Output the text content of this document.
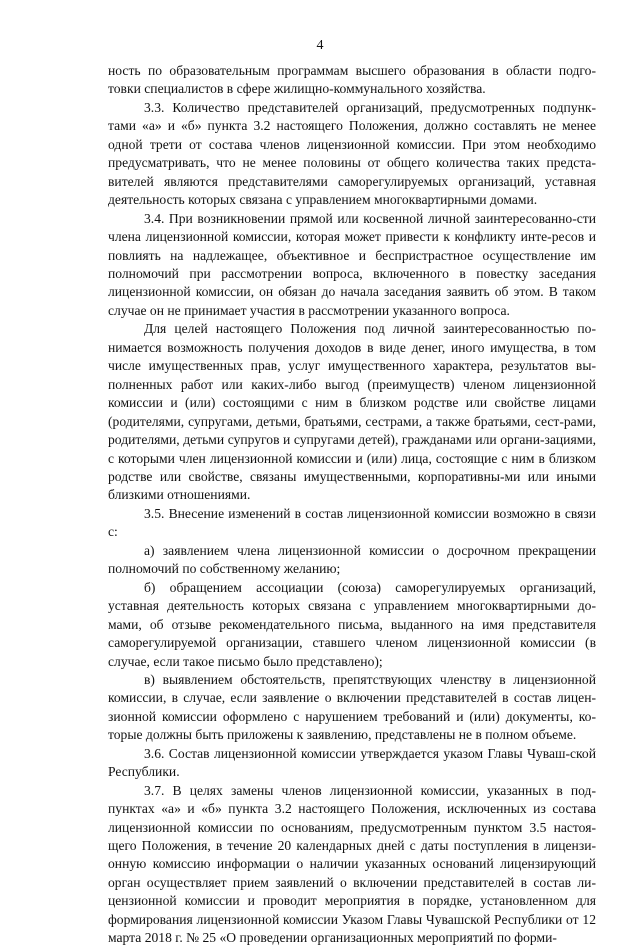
4

ность по образовательным программам высшего образования в области подго-товки специалистов в сфере жилищно-коммунального хозяйства.

3.3. Количество представителей организаций, предусмотренных подпунк-тами «а» и «б» пункта 3.2 настоящего Положения, должно составлять не менее одной трети от состава членов лицензионной комиссии. При этом необходимо предусматривать, что не менее половины от общего количества таких предста-вителей являются представителями саморегулируемых организаций, уставная деятельность которых связана с управлением многоквартирными домами.

3.4. При возникновении прямой или косвенной личной заинтересованно-сти члена лицензионной комиссии, которая может привести к конфликту инте-ресов и повлиять на надлежащее, объективное и беспристрастное осуществление им полномочий при рассмотрении вопроса, включенного в повестку заседания лицензионной комиссии, он обязан до начала заседания заявить об этом. В таком случае он не принимает участия в рассмотрении указанного вопроса.

Для целей настоящего Положения под личной заинтересованностью по-нимается возможность получения доходов в виде денег, иного имущества, в том числе имущественных прав, услуг имущественного характера, результатов вы-полненных работ или каких-либо выгод (преимуществ) членом лицензионной комиссии и (или) состоящими с ним в близком родстве или свойстве лицами (родителями, супругами, детьми, братьями, сестрами, а также братьями, сест-рами, родителями, детьми супругов и супругами детей), гражданами или органи-зациями, с которыми член лицензионной комиссии и (или) лица, состоящие с ним в близком родстве или свойстве, связаны имущественными, корпоративны-ми или иными близкими отношениями.

3.5. Внесение изменений в состав лицензионной комиссии возможно в связи с:

а) заявлением члена лицензионной комиссии о досрочном прекращении полномочий по собственному желанию;

б) обращением ассоциации (союза) саморегулируемых организаций, уставная деятельность которых связана с управлением многоквартирными до-мами, об отзыве рекомендательного письма, выданного на имя представителя саморегулируемой организации, ставшего членом лицензионной комиссии (в случае, если такое письмо было представлено);

в) выявлением обстоятельств, препятствующих членству в лицензионной комиссии, в случае, если заявление о включении представителей в состав лицен-зионной комиссии оформлено с нарушением требований и (или) документы, ко-торые должны быть приложены к заявлению, представлены не в полном объеме.

3.6. Состав лицензионной комиссии утверждается указом Главы Чуваш-ской Республики.

3.7. В целях замены членов лицензионной комиссии, указанных в под-пунктах «а» и «б» пункта 3.2 настоящего Положения, исключенных из состава лицензионной комиссии по основаниям, предусмотренным пунктом 3.5 настоя-щего Положения, в течение 20 календарных дней с даты поступления в лицензи-онную комиссию информации о наличии указанных оснований лицензирующий орган осуществляет прием заявлений о включении представителей в состав ли-цензионной комиссии и проводит мероприятия в порядке, установленном для формирования лицензионной комиссии Указом Главы Чувашской Республики от 12 марта 2018 г. № 25 «О проведении организационных мероприятий по форми-
